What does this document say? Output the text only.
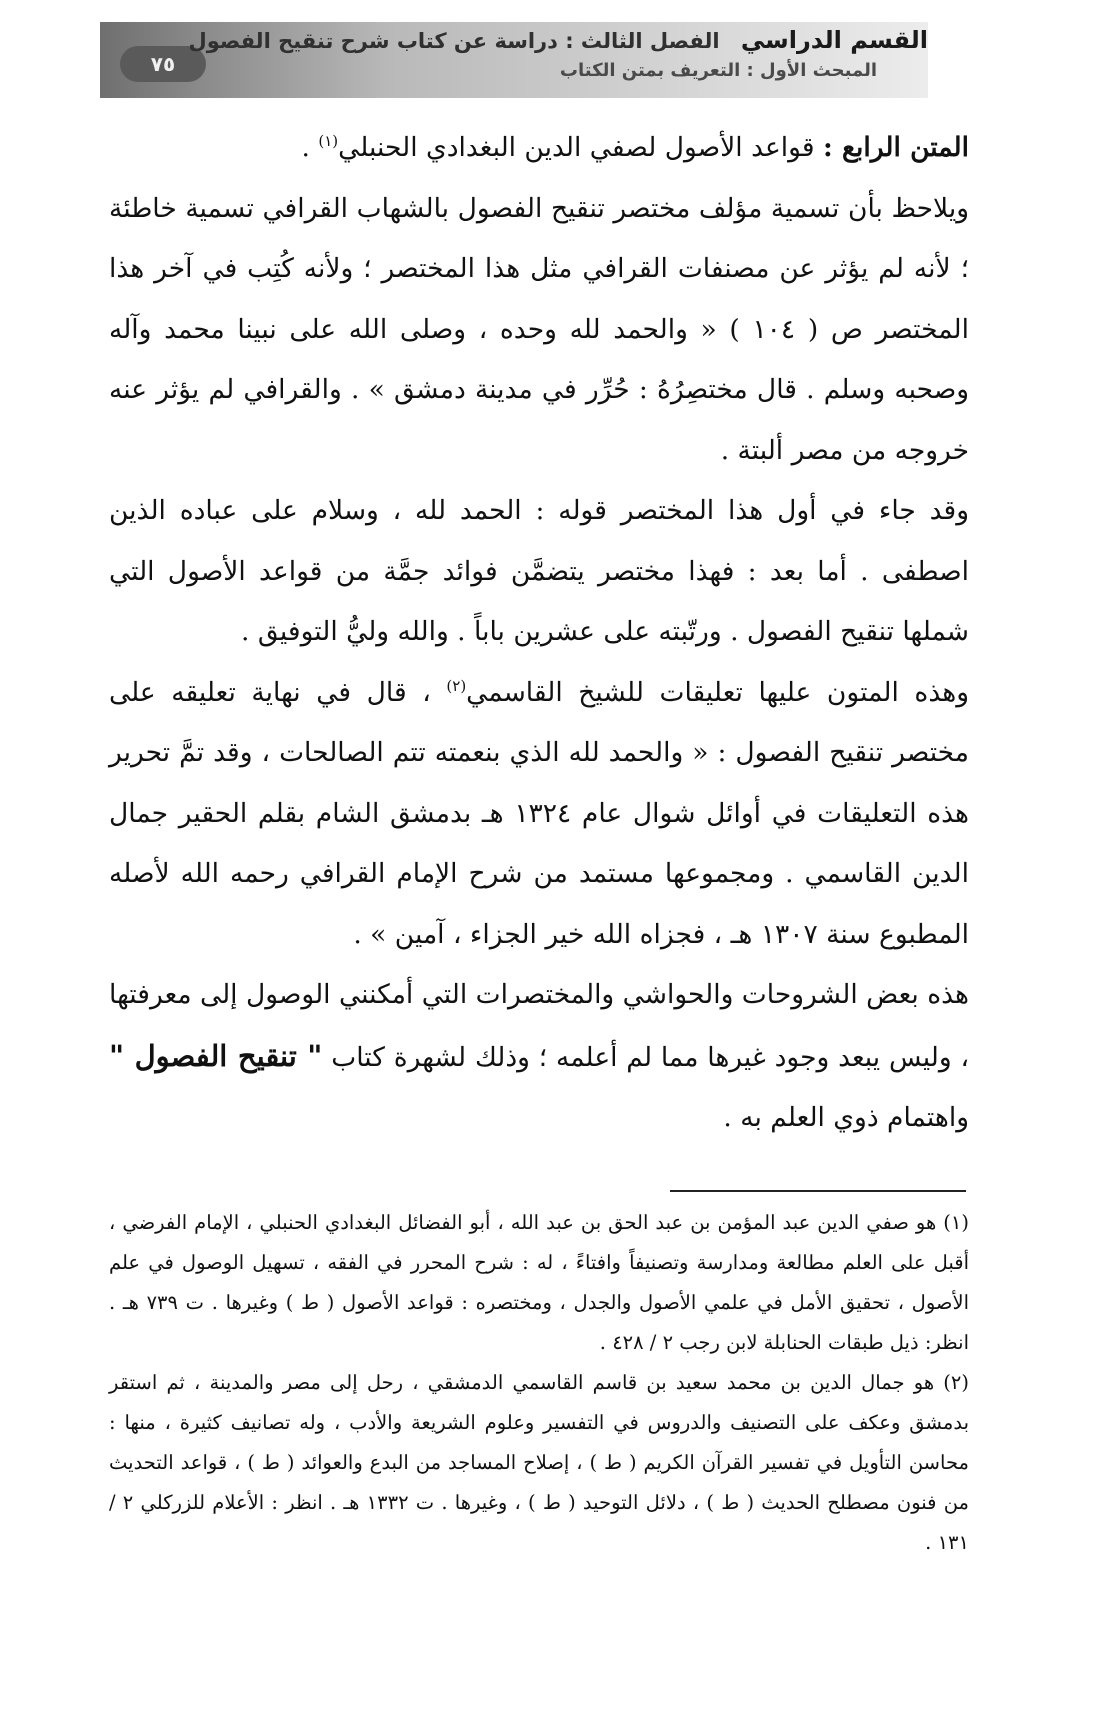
٧٥
القسم الدراسي الفصل الثالث : دراسة عن كتاب شرح تنقيح الفصول
المبحث الأول : التعريف بمتن الكتاب

المتن الرابع : قواعد الأصول لصفي الدين البغدادي الحنبلي$^{(١)}$ .

ويلاحظ بأن تسمية مؤلف مختصر تنقيح الفصول بالشهاب القرافي تسمية خاطئة ؛ لأنه لم يؤثر عن مصنفات القرافي مثل هذا المختصر ؛ ولأنه كُتِب في آخر هذا المختصر ص ( ١٠٤ ) « والحمد لله وحده ، وصلى الله على نبينا محمد وآله وصحبه وسلم . قال مختصِرُهُ : حُرِّر في مدينة دمشق » . والقرافي لم يؤثر عنه خروجه من مصر ألبتة .

وقد جاء في أول هذا المختصر قوله : الحمد لله ، وسلام على عباده الذين اصطفى . أما بعد : فهذا مختصر يتضمَّن فوائد جمَّة من قواعد الأصول التي شملها تنقيح الفصول . ورتّبته على عشرين باباً . والله وليُّ التوفيق .

وهذه المتون عليها تعليقات للشيخ القاسمي$^{(٢)}$ ، قال في نهاية تعليقه على مختصر تنقيح الفصول : « والحمد لله الذي بنعمته تتم الصالحات ، وقد تمَّ تحرير هذه التعليقات في أوائل شوال عام ١٣٢٤ هـ بدمشق الشام بقلم الحقير جمال الدين القاسمي . ومجموعها مستمد من شرح الإمام القرافي رحمه الله لأصله المطبوع سنة ١٣٠٧ هـ ، فجزاه الله خير الجزاء ، آمين » .

هذه بعض الشروحات والحواشي والمختصرات التي أمكنني الوصول إلى معرفتها ، وليس يبعد وجود غيرها مما لم أعلمه ؛ وذلك لشهرة كتاب " تنقيح الفصول " واهتمام ذوي العلم به .

(١) هو صفي الدين عبد المؤمن بن عبد الحق بن عبد الله ، أبو الفضائل البغدادي الحنبلي ، الإمام الفرضي ، أقبل على العلم مطالعة ومدارسة وتصنيفاً وافتاءً ، له : شرح المحرر في الفقه ، تسهيل الوصول في علم الأصول ، تحقيق الأمل في علمي الأصول والجدل ، ومختصره : قواعد الأصول ( ط ) وغيرها . ت ٧٣٩ هـ . انظر: ذيل طبقات الحنابلة لابن رجب ٢ / ٤٢٨ .

(٢) هو جمال الدين بن محمد سعيد بن قاسم القاسمي الدمشقي ، رحل إلى مصر والمدينة ، ثم استقر بدمشق وعكف على التصنيف والدروس في التفسير وعلوم الشريعة والأدب ، وله تصانيف كثيرة ، منها : محاسن التأويل في تفسير القرآن الكريم ( ط ) ، إصلاح المساجد من البدع والعوائد ( ط ) ، قواعد التحديث من فنون مصطلح الحديث ( ط ) ، دلائل التوحيد ( ط ) ، وغيرها . ت ١٣٣٢ هـ . انظر : الأعلام للزركلي ٢ / ١٣١ .
